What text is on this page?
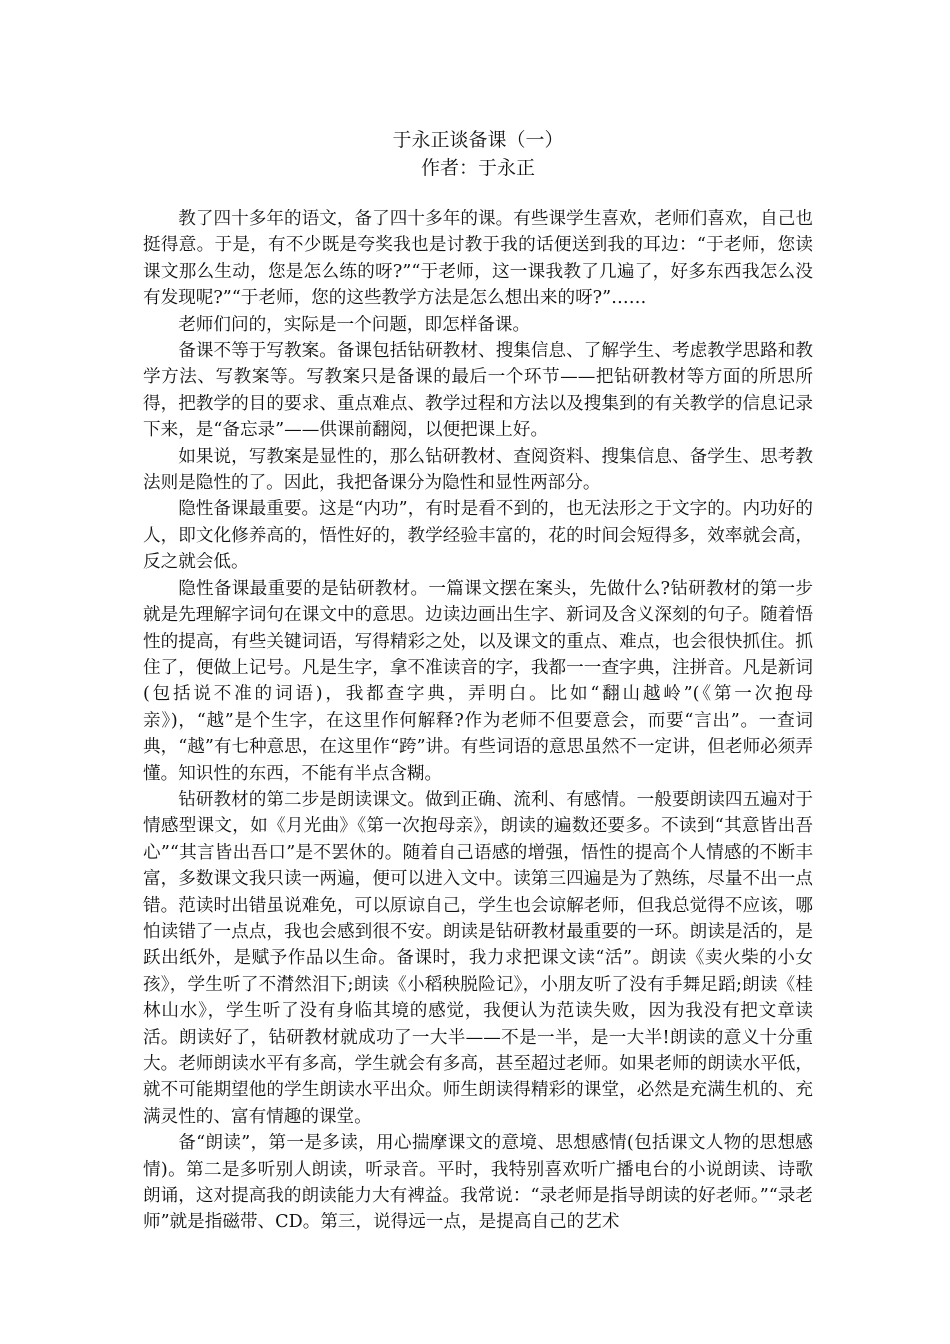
于永正谈备课（一）

作者：于永正

教了四十多年的语文，备了四十多年的课。有些课学生喜欢，老师们喜欢，自己也挺得意。于是，有不少既是夸奖我也是讨教于我的话便送到我的耳边：“于老师，您读课文那么生动，您是怎么练的呀?”“于老师，这一课我教了几遍了，好多东西我怎么没有发现呢?”“于老师，您的这些教学方法是怎么想出来的呀?”……

老师们问的，实际是一个问题，即怎样备课。

备课不等于写教案。备课包括钻研教材、搜集信息、了解学生、考虑教学思路和教学方法、写教案等。写教案只是备课的最后一个环节——把钻研教材等方面的所思所得，把教学的目的要求、重点难点、教学过程和方法以及搜集到的有关教学的信息记录下来，是“备忘录”——供课前翻阅，以便把课上好。

如果说，写教案是显性的，那么钻研教材、查阅资料、搜集信息、备学生、思考教法则是隐性的了。因此，我把备课分为隐性和显性两部分。

隐性备课最重要。这是“内功”，有时是看不到的，也无法形之于文字的。内功好的人，即文化修养高的，悟性好的，教学经验丰富的，花的时间会短得多，效率就会高，反之就会低。

隐性备课最重要的是钻研教材。一篇课文摆在案头，先做什么?钻研教材的第一步就是先理解字词句在课文中的意思。边读边画出生字、新词及含义深刻的句子。随着悟性的提高，有些关键词语，写得精彩之处，以及课文的重点、难点，也会很快抓住。抓住了，便做上记号。凡是生字，拿不准读音的字，我都一一查字典，注拼音。凡是新词(包括说不准的词语)，我都查字典，弄明白。比如“翻山越岭”(《第一次抱母亲》)，“越”是个生字，在这里作何解释?作为老师不但要意会，而要“言出”。一查词典，“越”有七种意思，在这里作“跨”讲。有些词语的意思虽然不一定讲，但老师必须弄懂。知识性的东西，不能有半点含糊。

钻研教材的第二步是朗读课文。做到正确、流利、有感情。一般要朗读四五遍对于情感型课文，如《月光曲》《第一次抱母亲》，朗读的遍数还要多。不读到“其意皆出吾心”“其言皆出吾口”是不罢休的。随着自己语感的增强，悟性的提高个人情感的不断丰富，多数课文我只读一两遍，便可以进入文中。读第三四遍是为了熟练，尽量不出一点错。范读时出错虽说难免，可以原谅自己，学生也会谅解老师，但我总觉得不应该，哪怕读错了一点点，我也会感到很不安。朗读是钻研教材最重要的一环。朗读是活的，是跃出纸外，是赋予作品以生命。备课时，我力求把课文读“活”。朗读《卖火柴的小女孩》，学生听了不潸然泪下;朗读《小稻秧脱险记》，小朋友听了没有手舞足蹈;朗读《桂林山水》，学生听了没有身临其境的感觉，我便认为范读失败，因为我没有把文章读活。朗读好了，钻研教材就成功了一大半——不是一半，是一大半!朗读的意义十分重大。老师朗读水平有多高，学生就会有多高，甚至超过老师。如果老师的朗读水平低，就不可能期望他的学生朗读水平出众。师生朗读得精彩的课堂，必然是充满生机的、充满灵性的、富有情趣的课堂。

备“朗读”，第一是多读，用心揣摩课文的意境、思想感情(包括课文人物的思想感情)。第二是多听别人朗读，听录音。平时，我特别喜欢听广播电台的小说朗读、诗歌朗诵，这对提高我的朗读能力大有裨益。我常说：“录老师是指导朗读的好老师。”“录老师”就是指磁带、CD。第三，说得远一点，是提高自己的艺术
